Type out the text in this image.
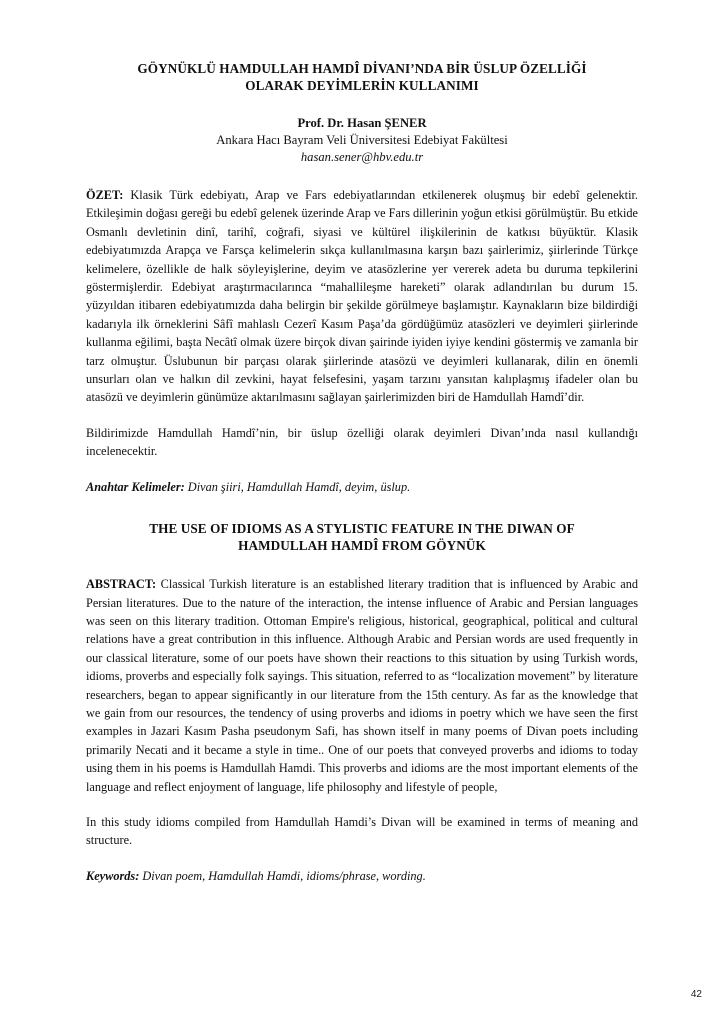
GÖYNÜKLÜ HAMDULLAH HAMDÎ DİVANI’NDA BİR ÜSLUP ÖZELLİĞİ
OLARAK DEYİMLERİN KULLANIMI
Prof. Dr. Hasan ŞENER
Ankara Hacı Bayram Veli Üniversitesi Edebiyat Fakültesi
hasan.sener@hbv.edu.tr

ÖZET: Klasik Türk edebiyatı, Arap ve Fars edebiyatlarından etkilenerek oluşmuş bir edebî gelenektir. Etkileşimin doğası gereği bu edebî gelenek üzerinde Arap ve Fars dillerinin yoğun etkisi görülmüştür. Bu etkide Osmanlı devletinin dinî, tarihî, coğrafi, siyasi ve kültürel ilişkilerinin de katkısı büyüktür. Klasik edebiyatımızda Arapça ve Farsça kelimelerin sıkça kullanılmasına karşın bazı şairlerimiz, şiirlerinde Türkçe kelimelere, özellikle de halk söyleyişlerine, deyim ve atasözlerine yer vererek adeta bu duruma tepkilerini göstermişlerdir. Edebiyat araştırmacılarınca “mahallileşme hareketi” olarak adlandırılan bu durum 15. yüzyıldan itibaren edebiyatımızda daha belirgin bir şekilde görülmeye başlamıştır. Kaynakların bize bildirdiği kadarıyla ilk örneklerini Sâfî mahlaslı Cezerî Kasım Paşa’da gördüğümüz atasözleri ve deyimleri şiirlerinde kullanma eğilimi, başta Necâtî olmak üzere birçok divan şairinde iyiden iyiye kendini göstermiş ve zamanla bir tarz olmuştur. Üslubunun bir parçası olarak şiirlerinde atasözü ve deyimleri kullanarak, dilin en önemli unsurları olan ve halkın dil zevkini, hayat felsefesini, yaşam tarzını yansıtan kalıplaşmış ifadeler olan bu atasözü ve deyimlerin günümüze aktarılmasını sağlayan şairlerimizden biri de Hamdullah Hamdî’dir.

Bildirimizde Hamdullah Hamdî’nin, bir üslup özelliği olarak deyimleri Divan’ında nasıl kullandığı incelenecektir.

Anahtar Kelimeler: Divan şiiri, Hamdullah Hamdî, deyim, üslup.

THE USE OF IDIOMS AS A STYLISTIC FEATURE IN THE DIWAN OF
HAMDULLAH HAMDÎ FROM GÖYNÜK

ABSTRACT: Classical Turkish literature is an establi̇shed literary tradition that is influenced by Arabic and Persian literatures. Due to the nature of the interaction, the intense influence of Arabic and Persian languages was seen on this literary tradition. Ottoman Empire's religious, historical, geographical, political and cultural relations have a great contribution in this influence. Although Arabic and Persian words are used frequently in our classical literature, some of our poets have shown their reactions to this situation by using Turkish words, idioms, proverbs and especially folk sayings. This situation, referred to as “localization movement” by literature researchers, began to appear significantly in our literature from the 15th century. As far as the knowledge that we gain from our resources, the tendency of using proverbs and idioms in poetry which we have seen the first examples in Jazari Kasım Pasha pseudonym Safi, has shown itself in many poems of Divan poets including primarily Necati and it became a style in time.. One of our poets that conveyed proverbs and idioms to today using them in his poems is Hamdullah Hamdi. This proverbs and idioms are the most important elements of the language and reflect enjoyment of language, life philosophy and lifestyle of people,

In this study idioms compiled from Hamdullah Hamdi’s Divan will be examined in terms of meaning and structure.

Keywords: Divan poem, Hamdullah Hamdi, idioms/phrase, wording.

42
